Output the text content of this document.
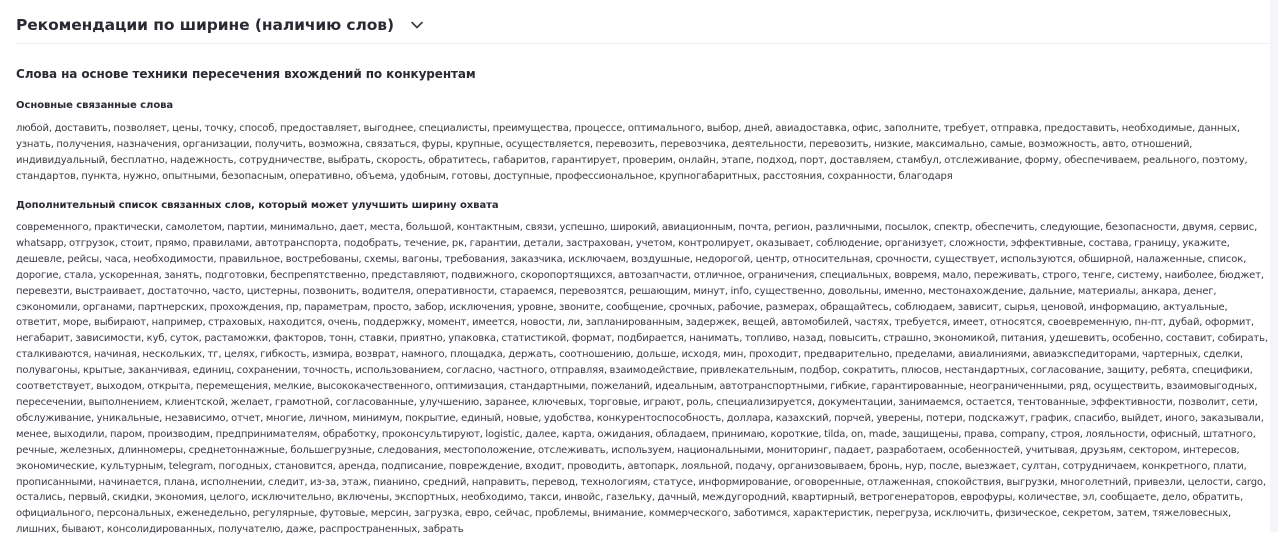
Рекомендации по ширине (наличию слов)
Слова на основе техники пересечения вхождений по конкурентам
Основные связанные слова
любой, доставить, позволяет, цены, точку, способ, предоставляет, выгоднее, специалисты, преимущества, процессе, оптимального, выбор, дней, авиадоставка, офис, заполните, требует, отправка, предоставить, необходимые, данных, узнать, получения, назначения, организации, получить, возможна, связаться, фуры, крупные, осуществляется, перевозить, перевозчика, деятельности, перевозить, низкие, максимально, самые, возможность, авто, отношений, индивидуальный, бесплатно, надежность, сотрудничестве, выбрать, скорость, обратитесь, габаритов, гарантирует, проверим, онлайн, этапе, подход, порт, доставляем, стамбул, отслеживание, форму, обеспечиваем, реального, поэтому, стандартов, пункта, нужно, опытными, безопасным, оперативно, объема, удобным, готовы, доступные, профессиональное, крупногабаритных, расстояния, сохранности, благодаря
Дополнительный список связанных слов, который может улучшить ширину охвата
современного, практически, самолетом, партии, минимально, дает, места, большой, контактным, связи, успешно, широкий, авиационным, почта, регион, различными, посылок, спектр, обеспечить, следующие, безопасности, двумя, сервис, whatsapp, отгрузок, стоит, прямо, правилами, автотранспорта, подобрать, течение, рк, гарантии, детали, застрахован, учетом, контролирует, оказывает, соблюдение, организует, сложности, эффективные, состава, границу, укажите, дешевле, рейсы, часа, необходимости, правильное, востребованы, схемы, вагоны, требования, заказчика, исключаем, воздушные, недорогой, центр, относительная, срочности, существует, используются, обширной, налаженные, список, дорогие, стала, ускоренная, занять, подготовки, беспрепятственно, представляют, подвижного, скоропортящихся, автозапчасти, отличное, ограничения, специальных, вовремя, мало, переживать, строго, тенге, систему, наиболее, бюджет, перевезти, выстраивает, достаточно, часто, цистерны, позвонить, водителя, оперативности, стараемся, перевозятся, решающим, минут, info, существенно, довольны, именно, местонахождение, дальние, материалы, анкара, денег, сэкономили, органами, партнерских, прохождения, пр, параметрам, просто, забор, исключения, уровне, звоните, сообщение, срочных, рабочие, размерах, обращайтесь, соблюдаем, зависит, сырья, ценовой, информацию, актуальные, ответит, море, выбирают, например, страховых, находится, очень, поддержку, момент, имеется, новости, ли, запланированным, задержек, вещей, автомобилей, частях, требуется, имеет, относятся, своевременную, пн-пт, дубай, оформит, негабарит, зависимости, куб, суток, растаможки, факторов, тонн, ставки, приятно, упаковка, статистикой, формат, подбирается, нанимать, топливо, назад, повысить, страшно, экономикой, питания, удешевить, особенно, составит, собирать, сталкиваются, начиная, нескольких, тг, целях, гибкость, измира, возврат, намного, площадка, держать, соотношению, дольше, исходя, мин, проходит, предварительно, пределами, авиалиниями, авиаэкспедиторами, чартерных, сделки, полувагоны, крытые, заканчивая, единиц, сохранении, точность, использованием, согласно, частного, отправляя, взаимодействие, привлекательным, подбор, сократить, плюсов, нестандартных, согласование, защиту, ребята, специфики, соответствует, выходом, открыта, перемещения, мелкие, высококачественного, оптимизация, стандартными, пожеланий, идеальным, автотранспортными, гибкие, гарантированные, неограниченными, ряд, осуществить, взаимовыгодных, пересечении, выполнением, клиентской, желает, грамотной, согласованные, улучшению, заранее, ключевых, торговые, играют, роль, специализируется, документации, занимаемся, остается, тентованные, эффективности, позволит, сети, обслуживание, уникальные, независимо, отчет, многие, личном, минимум, покрытие, единый, новые, удобства, конкурентоспособность, доллара, казахский, порчей, уверены, потери, подскажут, график, спасибо, выйдет, иного, заказывали, менее, выходили, паром, производим, предпринимателям, обработку, проконсультируют, logistic, далее, карта, ожидания, обладаем, принимаю, короткие, tilda, on, made, защищены, права, company, строя, лояльности, офисный, штатного, речные, железных, длинномеры, среднетоннажные, большегрузные, следования, местоположение, отслеживать, используем, национальными, мониторинг, падает, разработаем, особенностей, учитывая, друзьям, сектором, интересов, экономические, культурным, telegram, погодных, становится, аренда, подписание, повреждение, входит, проводить, автопарк, лояльной, подачу, организовываем, бронь, нур, после, выезжает, султан, сотрудничаем, конкретного, плати, прописанными, начинается, плана, исполнении, следит, из-за, этаж, пианино, средний, направить, перевод, технологиям, статусе, информирование, оговоренные, отлаженная, спокойствия, выгрузки, многолетний, привезли, целости, cargo, остались, первый, скидки, экономия, целого, исключительно, включены, экспортных, необходимо, такси, инвойс, газельку, дачный, междугородний, квартирный, ветрогенераторов, еврофуры, количестве, эл, сообщаете, дело, обратить, официального, персональных, еженедельно, регулярные, футовые, мерсин, загрузка, евро, сейчас, проблемы, внимание, коммерческого, заботимся, характеристик, перегруза, исключить, физическое, секретом, затем, тяжеловесных, лишних, бывают, консолидированных, получателю, даже, распространенных, забрать
